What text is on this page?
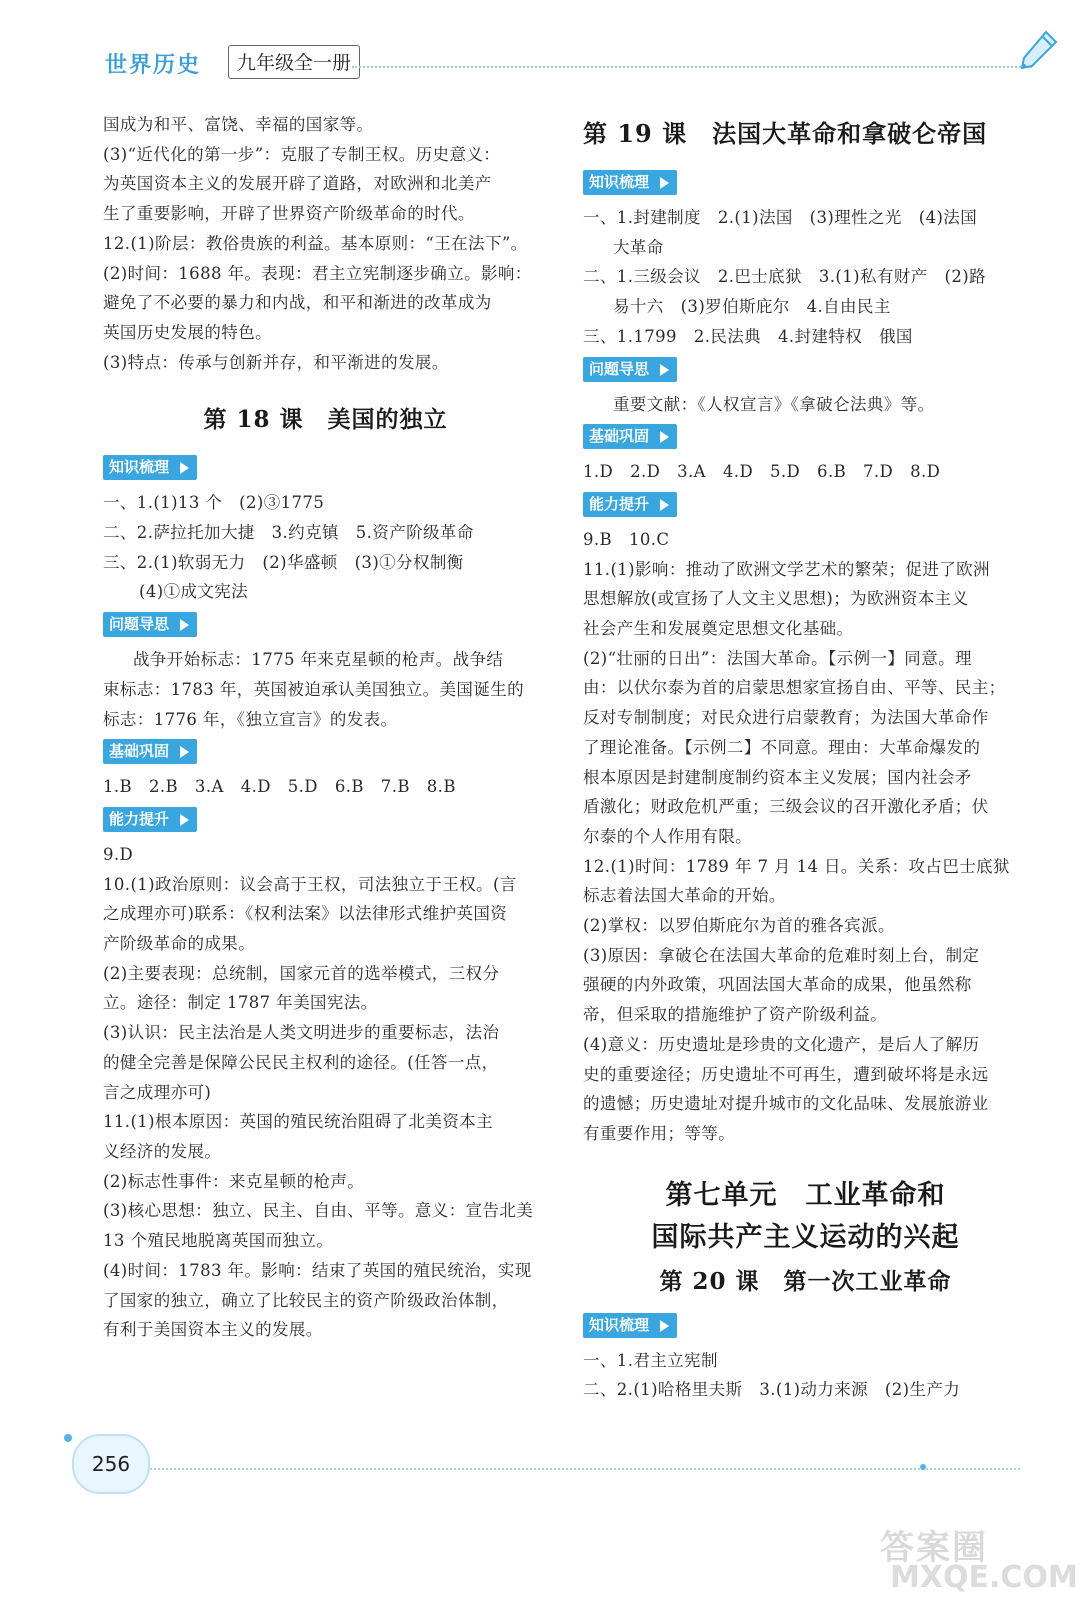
世界历史	九年级全一册
国成为和平、富饶、幸福的国家等。
(3)“近代化的第一步”：克服了专制王权。历史意义：
为英国资本主义的发展开辟了道路，对欧洲和北美产
生了重要影响，开辟了世界资产阶级革命的时代。
12.(1)阶层：教俗贵族的利益。基本原则：“王在法下”。
(2)时间：1688 年。表现：君主立宪制逐步确立。影响：
避免了不必要的暴力和内战，和平和渐进的改革成为
英国历史发展的特色。
(3)特点：传承与创新并存，和平渐进的发展。
第 18 课　美国的独立
知识梳理
一、1.(1)13 个　(2)③1775
二、2.萨拉托加大捷　3.约克镇　5.资产阶级革命
三、2.(1)软弱无力　(2)华盛顿　(3)①分权制衡
(4)①成文宪法
问题导思
战争开始标志：1775 年来克星顿的枪声。战争结
束标志：1783 年，英国被迫承认美国独立。美国诞生的
标志：1776 年，《独立宣言》的发表。
基础巩固
1.B　2.B　3.A　4.D　5.D　6.B　7.B　8.B
能力提升
9.D
10.(1)政治原则：议会高于王权，司法独立于王权。(言
之成理亦可)联系：《权利法案》以法律形式维护英国资
产阶级革命的成果。
(2)主要表现：总统制，国家元首的选举模式，三权分
立。途径：制定 1787 年美国宪法。
(3)认识：民主法治是人类文明进步的重要标志，法治
的健全完善是保障公民民主权利的途径。(任答一点，
言之成理亦可)
11.(1)根本原因：英国的殖民统治阻碍了北美资本主
义经济的发展。
(2)标志性事件：来克星顿的枪声。
(3)核心思想：独立、民主、自由、平等。意义：宣告北美
13 个殖民地脱离英国而独立。
(4)时间：1783 年。影响：结束了英国的殖民统治，实现
了国家的独立，确立了比较民主的资产阶级政治体制，
有利于美国资本主义的发展。
第 19 课　法国大革命和拿破仑帝国
知识梳理
一、1.封建制度　2.(1)法国　(3)理性之光　(4)法国
大革命
二、1.三级会议　2.巴士底狱　3.(1)私有财产　(2)路
易十六　(3)罗伯斯庇尔　4.自由民主
三、1.1799　2.民法典　4.封建特权　俄国
问题导思
重要文献：《人权宣言》《拿破仑法典》等。
基础巩固
1.D　2.D　3.A　4.D　5.D　6.B　7.D　8.D
能力提升
9.B　10.C
11.(1)影响：推动了欧洲文学艺术的繁荣；促进了欧洲
思想解放(或宣扬了人文主义思想)；为欧洲资本主义
社会产生和发展奠定思想文化基础。
(2)“壮丽的日出”：法国大革命。【示例一】同意。理
由：以伏尔泰为首的启蒙思想家宣扬自由、平等、民主；
反对专制制度；对民众进行启蒙教育；为法国大革命作
了理论准备。【示例二】不同意。理由：大革命爆发的
根本原因是封建制度制约资本主义发展；国内社会矛
盾激化；财政危机严重；三级会议的召开激化矛盾；伏
尔泰的个人作用有限。
12.(1)时间：1789 年 7 月 14 日。关系：攻占巴士底狱
标志着法国大革命的开始。
(2)掌权：以罗伯斯庇尔为首的雅各宾派。
(3)原因：拿破仑在法国大革命的危难时刻上台，制定
强硬的内外政策，巩固法国大革命的成果，他虽然称
帝，但采取的措施维护了资产阶级利益。
(4)意义：历史遗址是珍贵的文化遗产，是后人了解历
史的重要途径；历史遗址不可再生，遭到破坏将是永远
的遗憾；历史遗址对提升城市的文化品味、发展旅游业
有重要作用；等等。
第七单元　工业革命和
国际共产主义运动的兴起
第 20 课　第一次工业革命
知识梳理
一、1.君主立宪制
二、2.(1)哈格里夫斯　3.(1)动力来源　(2)生产力
256
答案圈
MXQE.COM
